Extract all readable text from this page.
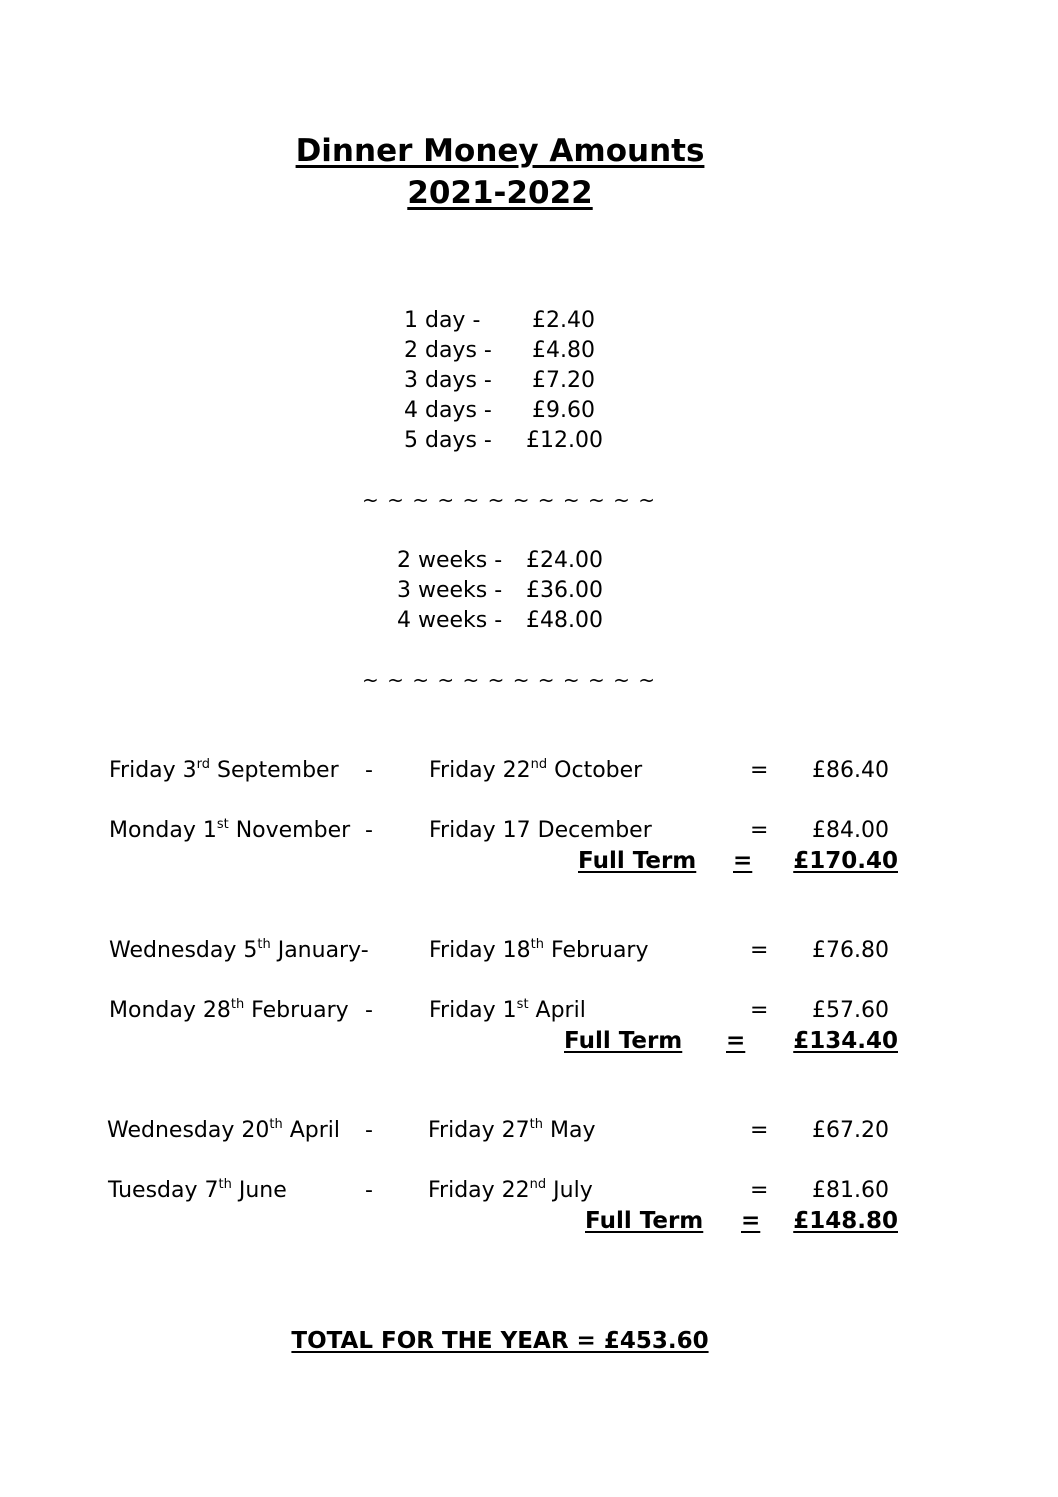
Dinner Money Amounts
2021-2022
1 day - £2.40
2 days - £4.80
3 days - £7.20
4 days - £9.60
5 days - £12.00
~ ~ ~ ~ ~ ~ ~ ~ ~ ~ ~ ~
2 weeks - £24.00
3 weeks - £36.00
4 weeks - £48.00
~ ~ ~ ~ ~ ~ ~ ~ ~ ~ ~ ~
Friday 3rd September -	Friday 22nd October	=	£86.40
Monday 1st November -	Friday 17 December	=	£84.00
Full Term =	£170.40
Wednesday 5th January-	Friday 18th February	=	£76.80
Monday 28th February -	Friday 1st April	=	£57.60
Full Term =	£134.40
Wednesday 20th April -	Friday 27th May	=	£67.20
Tuesday 7th June	-	Friday 22nd July	=	£81.60
Full Term =	£148.80
TOTAL FOR THE YEAR = £453.60
